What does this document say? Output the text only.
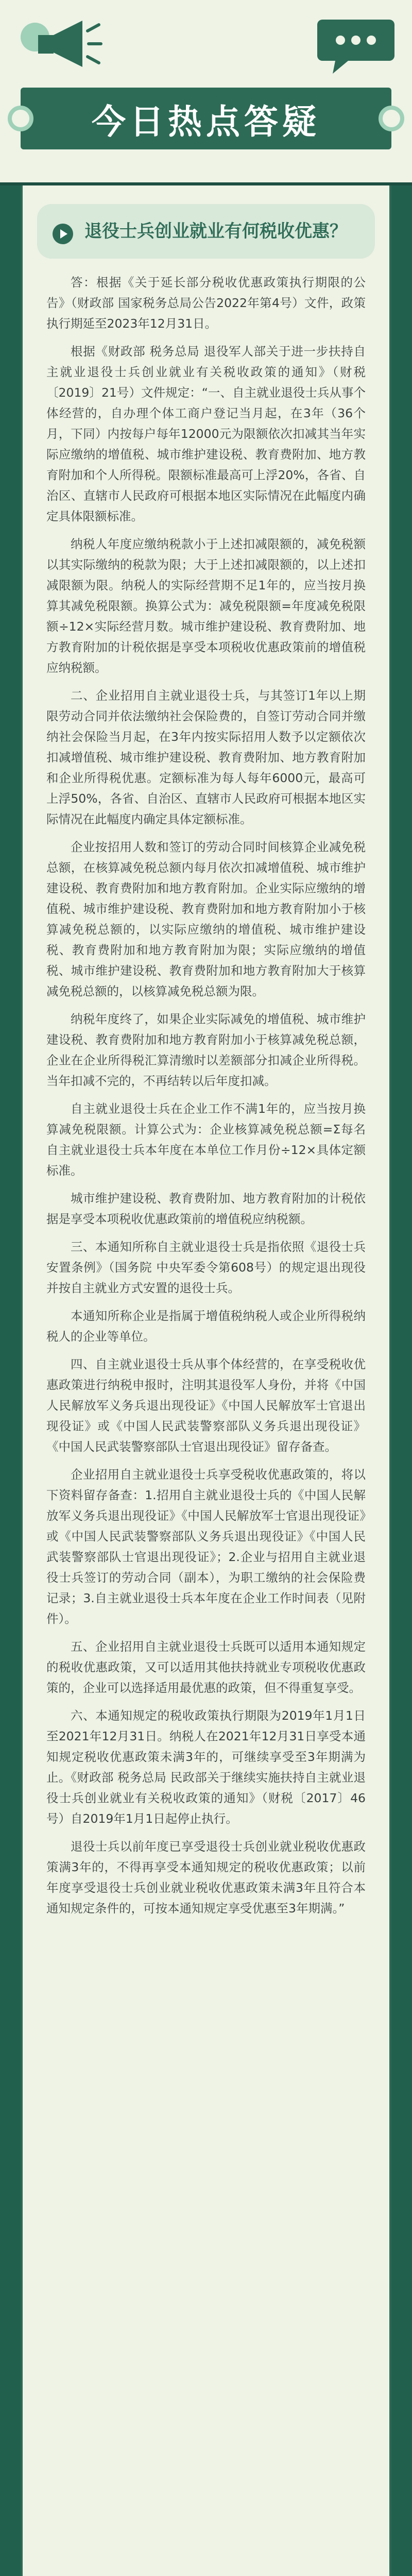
今日热点答疑
退役士兵创业就业有何税收优惠？

答：根据《关于延长部分税收优惠政策执行期限的公告》（财政部 国家税务总局公告2022年第4号）文件，政策执行期延至2023年12月31日。

根据《财政部 税务总局 退役军人部关于进一步扶持自主就业退役士兵创业就业有关税收政策的通知》（财税〔2019〕21号）文件规定：“一、自主就业退役士兵从事个体经营的，自办理个体工商户登记当月起，在3年（36个月，下同）内按每户每年12000元为限额依次扣减其当年实际应缴纳的增值税、城市维护建设税、教育费附加、地方教育附加和个人所得税。限额标准最高可上浮20%，各省、自治区、直辖市人民政府可根据本地区实际情况在此幅度内确定具体限额标准。

纳税人年度应缴纳税款小于上述扣减限额的，减免税额以其实际缴纳的税款为限；大于上述扣减限额的，以上述扣减限额为限。纳税人的实际经营期不足1年的，应当按月换算其减免税限额。换算公式为：减免税限额=年度减免税限额÷12×实际经营月数。城市维护建设税、教育费附加、地方教育附加的计税依据是享受本项税收优惠政策前的增值税应纳税额。

二、企业招用自主就业退役士兵，与其签订1年以上期限劳动合同并依法缴纳社会保险费的，自签订劳动合同并缴纳社会保险当月起，在3年内按实际招用人数予以定额依次扣减增值税、城市维护建设税、教育费附加、地方教育附加和企业所得税优惠。定额标准为每人每年6000元，最高可上浮50%，各省、自治区、直辖市人民政府可根据本地区实际情况在此幅度内确定具体定额标准。

企业按招用人数和签订的劳动合同时间核算企业减免税总额，在核算减免税总额内每月依次扣减增值税、城市维护建设税、教育费附加和地方教育附加。企业实际应缴纳的增值税、城市维护建设税、教育费附加和地方教育附加小于核算减免税总额的，以实际应缴纳的增值税、城市维护建设税、教育费附加和地方教育附加为限；实际应缴纳的增值税、城市维护建设税、教育费附加和地方教育附加大于核算减免税总额的，以核算减免税总额为限。

纳税年度终了，如果企业实际减免的增值税、城市维护建设税、教育费附加和地方教育附加小于核算减免税总额，企业在企业所得税汇算清缴时以差额部分扣减企业所得税。当年扣减不完的，不再结转以后年度扣减。

自主就业退役士兵在企业工作不满1年的，应当按月换算减免税限额。计算公式为：企业核算减免税总额=Σ每名自主就业退役士兵本年度在本单位工作月份÷12×具体定额标准。

城市维护建设税、教育费附加、地方教育附加的计税依据是享受本项税收优惠政策前的增值税应纳税额。

三、本通知所称自主就业退役士兵是指依照《退役士兵安置条例》（国务院 中央军委令第608号）的规定退出现役并按自主就业方式安置的退役士兵。

本通知所称企业是指属于增值税纳税人或企业所得税纳税人的企业等单位。

四、自主就业退役士兵从事个体经营的，在享受税收优惠政策进行纳税申报时，注明其退役军人身份，并将《中国人民解放军义务兵退出现役证》《中国人民解放军士官退出现役证》或《中国人民武装警察部队义务兵退出现役证》《中国人民武装警察部队士官退出现役证》留存备查。

企业招用自主就业退役士兵享受税收优惠政策的，将以下资料留存备查：1.招用自主就业退役士兵的《中国人民解放军义务兵退出现役证》《中国人民解放军士官退出现役证》或《中国人民武装警察部队义务兵退出现役证》《中国人民武装警察部队士官退出现役证》；2.企业与招用自主就业退役士兵签订的劳动合同（副本），为职工缴纳的社会保险费记录；3.自主就业退役士兵本年度在企业工作时间表（见附件）。

五、企业招用自主就业退役士兵既可以适用本通知规定的税收优惠政策，又可以适用其他扶持就业专项税收优惠政策的，企业可以选择适用最优惠的政策，但不得重复享受。

六、本通知规定的税收政策执行期限为2019年1月1日至2021年12月31日。纳税人在2021年12月31日享受本通知规定税收优惠政策未满3年的，可继续享受至3年期满为止。《财政部 税务总局 民政部关于继续实施扶持自主就业退役士兵创业就业有关税收政策的通知》（财税〔2017〕46号）自2019年1月1日起停止执行。

退役士兵以前年度已享受退役士兵创业就业税收优惠政策满3年的，不得再享受本通知规定的税收优惠政策；以前年度享受退役士兵创业就业税收优惠政策未满3年且符合本通知规定条件的，可按本通知规定享受优惠至3年期满。”
